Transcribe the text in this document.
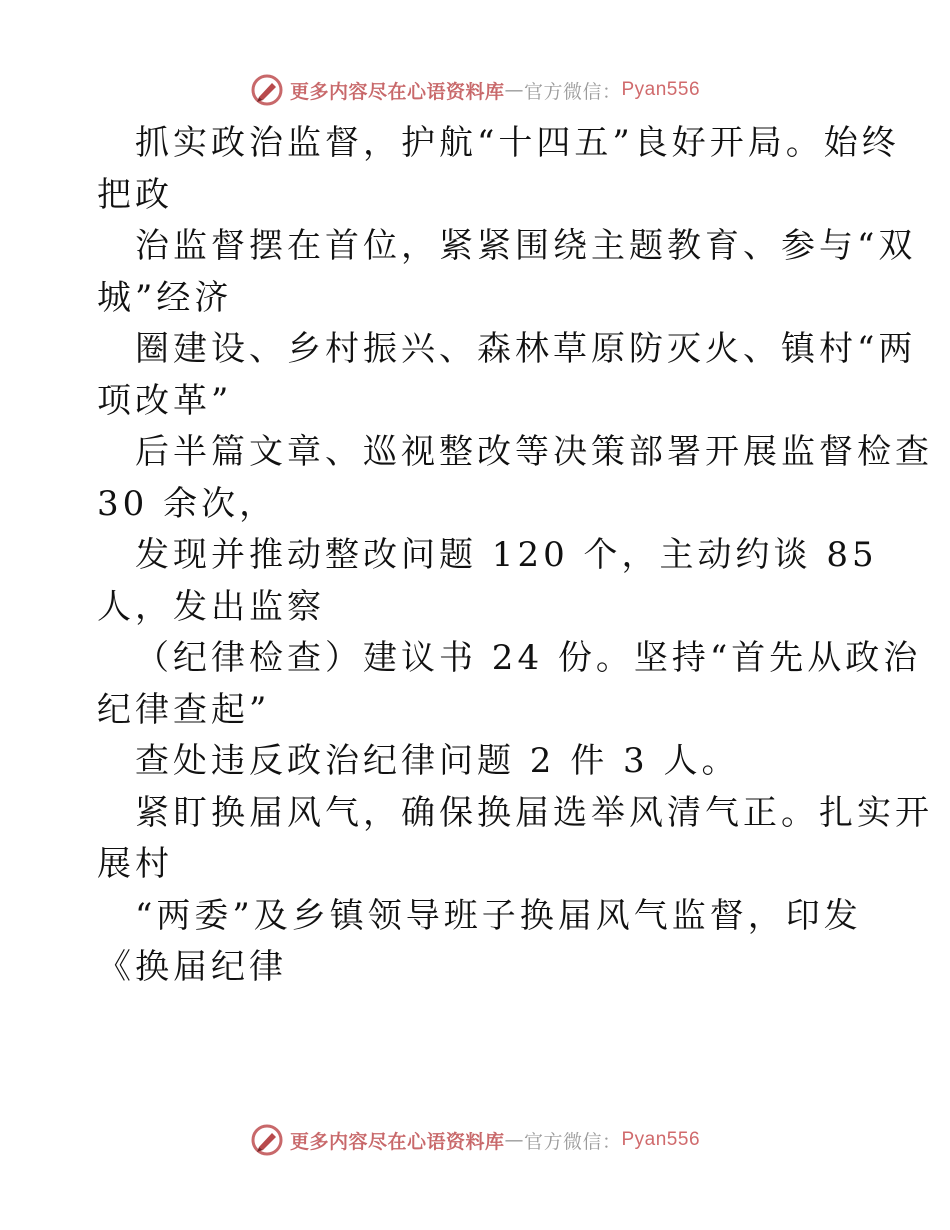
更多内容尽在心语资料库 — 官方微信： Pyan556
抓实政治监督，护航“十四五”良好开局。始终
把政
治监督摆在首位，紧紧围绕主题教育、参与“双
城”经济
圈建设、乡村振兴、森林草原防灭火、镇村“两
项改革”
后半篇文章、巡视整改等决策部署开展监督检查
30 余次，
发现并推动整改问题 120 个，主动约谈 85
人，发出监察
（纪律检查）建议书 24 份。坚持“首先从政治
纪律查起”
查处违反政治纪律问题 2 件 3 人。
紧盯换届风气，确保换届选举风清气正。扎实开
展村
“两委”及乡镇领导班子换届风气监督，印发
《换届纪律
更多内容尽在心语资料库 — 官方微信： Pyan556
